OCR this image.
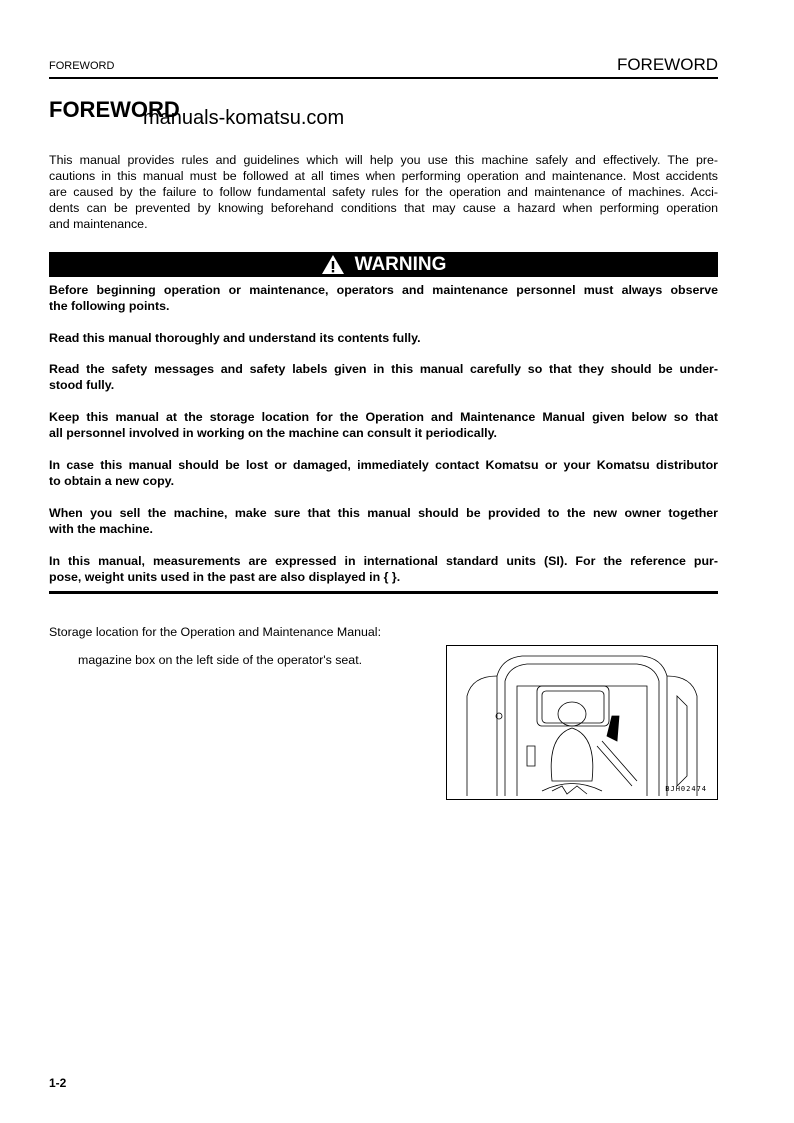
FOREWORD	FOREWORD
FOREWORD
manuals-komatsu.com
This manual provides rules and guidelines which will help you use this machine safely and effectively. The pre-
cautions in this manual must be followed at all times when performing operation and maintenance. Most accidents
are caused by the failure to follow fundamental safety rules for the operation and maintenance of machines. Acci-
dents can be prevented by knowing beforehand conditions that may cause a hazard when performing operation
and maintenance.
WARNING
Before beginning operation or maintenance, operators and maintenance personnel must always observe
the following points.
Read this manual thoroughly and understand its contents fully.
Read the safety messages and safety labels given in this manual carefully so that they should be under-
stood fully.
Keep this manual at the storage location for the Operation and Maintenance Manual given below so that
all personnel involved in working on the machine can consult it periodically.
In case this manual should be lost or damaged, immediately contact Komatsu or your Komatsu distributor
to obtain a new copy.
When you sell the machine, make sure that this manual should be provided to the new owner together
with the machine.
In this manual, measurements are expressed in international standard units (SI). For the reference pur-
pose, weight units used in the past are also displayed in { }.
Storage location for the Operation and Maintenance Manual:
magazine box on the left side of the operator's seat.
BJH02474
1-2
